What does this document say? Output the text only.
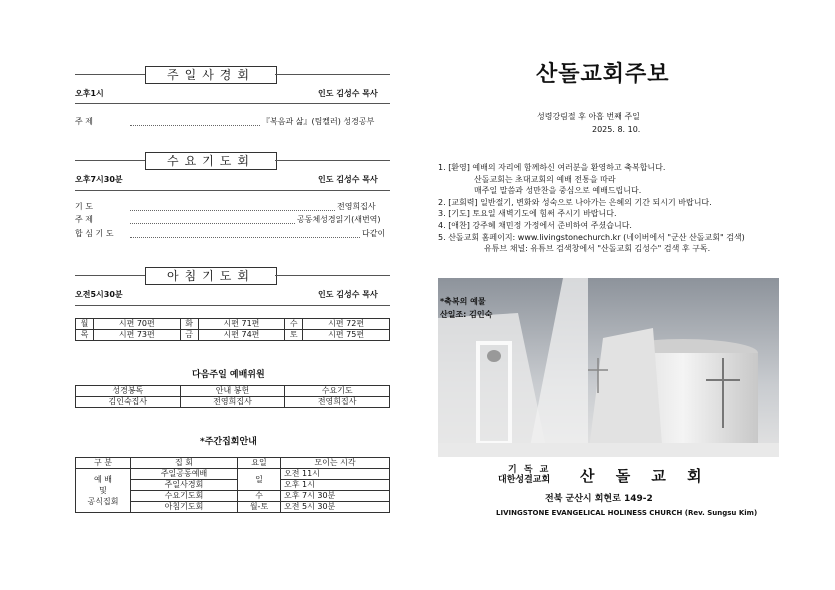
주일사경회
오후1시	인도 김성수 목사
주 제	『복음과 삶』(팀켈러) 성경공부
수요기도회
오후7시30분	인도 김성수 목사
기 도	전영희집사
주 제	공동체성경읽기(새번역)
합 심 기 도	다같이
아침기도회
오전5시30분	인도 김성수 목사
월	시편 70편	화	시편 71편	수	시편 72편
목	시편 73편	금	시편 74편	토	시편 75편
다음주일 예배위원
성경봉독	안내 봉헌	수요기도
김인숙집사	전영희집사	전영희집사
*주간집회안내
구 분	집 회	요일	모이는 시각
예 배
및
공식집회	주일공동예배	일	오전 11시
	주일사경회		오후 1시
	수요기도회	수	오후 7시 30분
	아침기도회	월-토	오전 5시 30분
산돌교회주보
성령강림절 후 아홉 번째 주일
2025. 8. 10.
1. [환영] 예배의 자리에 함께하신 여러분을 환영하고 축복합니다.
산돌교회는 초대교회의 예배 전통을 따라
매주일 말씀과 성만찬을 중심으로 예배드립니다.
2. [교회력] 일반절기, 변화와 성숙으로 나아가는 은혜의 기간 되시기 바랍니다.
3. [기도] 토요일 새벽기도에 힘써 주시기 바랍니다.
4. [애찬] 강주혜 채민정 가정에서 준비하여 주셨습니다.
5. 산돌교회 홈페이지: www.livingstonechurch.kr (네이버에서 "군산 산돌교회" 검색)
유튜브 채널: 유튜브 검색창에서 "산돌교회 김성수" 검색 후 구독.
*축복의 예물
산일조: 김인숙
기 독 교
대한성결교회 산 돌 교 회
전북 군산시 회현로 149-2
LIVINGSTONE EVANGELICAL HOLINESS CHURCH (Rev. Sungsu Kim)
